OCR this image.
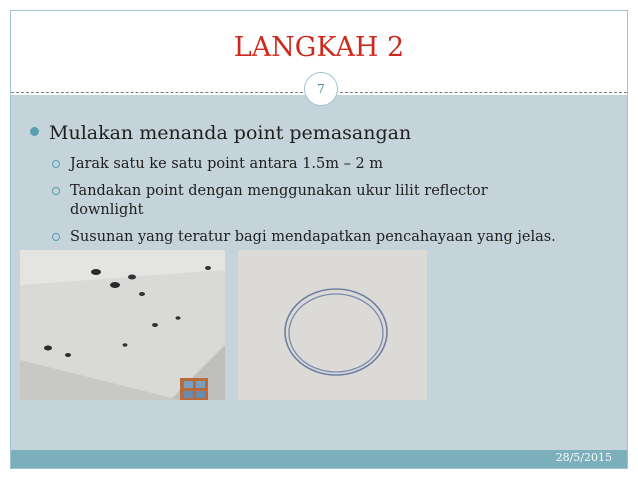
LANGKAH 2
7
Mulakan menanda point pemasangan
Jarak satu ke satu point antara 1.5m – 2 m
Tandakan point dengan menggunakan ukur lilit reflector
downlight
Susunan yang teratur bagi mendapatkan pencahayaan yang jelas.
28/5/2015
